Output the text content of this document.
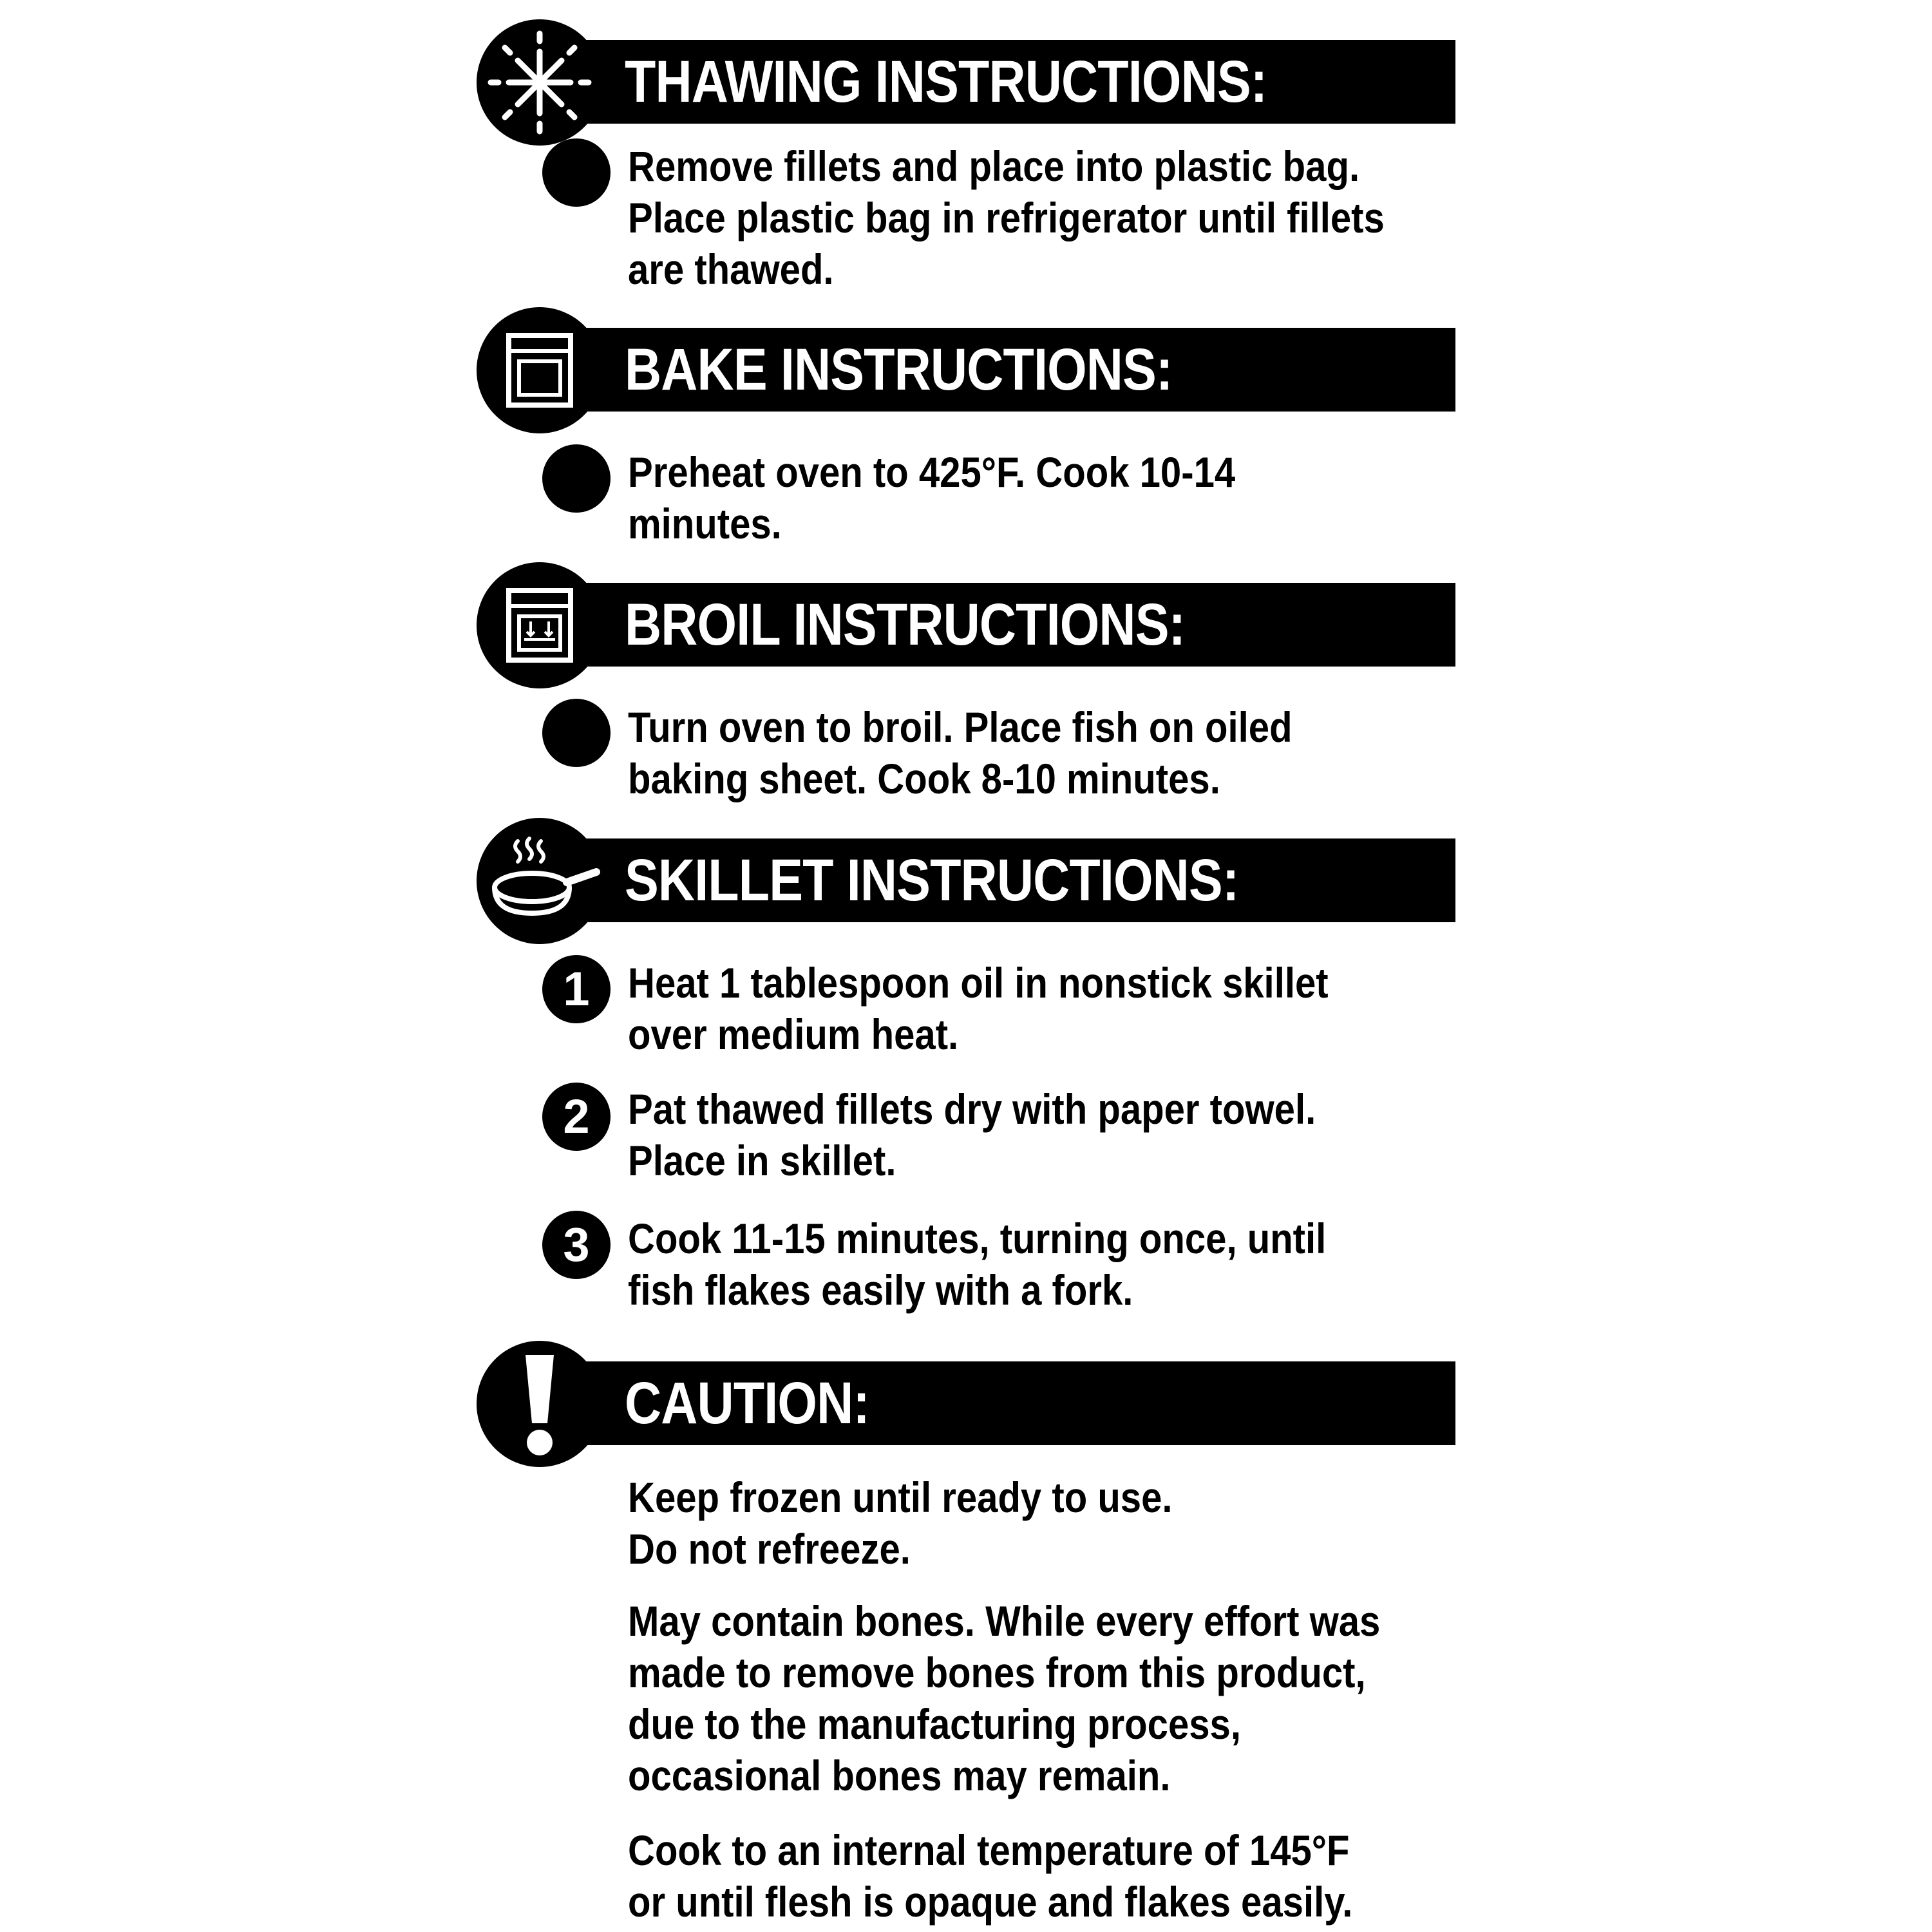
THAWING INSTRUCTIONS:
Remove fillets and place into plastic bag.
Place plastic bag in refrigerator until fillets
are thawed.
BAKE INSTRUCTIONS:
Preheat oven to 425°F. Cook 10-14
minutes.
BROIL INSTRUCTIONS:
Turn oven to broil. Place fish on oiled
baking sheet. Cook 8-10 minutes.
SKILLET INSTRUCTIONS:
1 Heat 1 tablespoon oil in nonstick skillet
over medium heat.
2 Pat thawed fillets dry with paper towel.
Place in skillet.
3 Cook 11-15 minutes, turning once, until
fish flakes easily with a fork.
CAUTION:
Keep frozen until ready to use.
Do not refreeze.
May contain bones. While every effort was
made to remove bones from this product,
due to the manufacturing process,
occasional bones may remain.
Cook to an internal temperature of 145°F
or until flesh is opaque and flakes easily.
